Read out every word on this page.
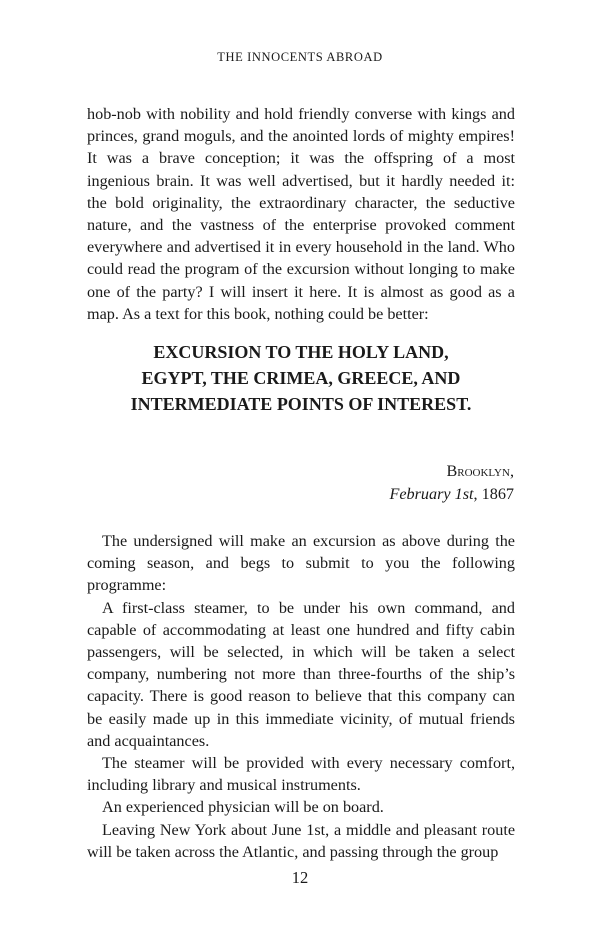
THE INNOCENTS ABROAD

hob-nob with nobility and hold friendly converse with kings and princes, grand moguls, and the anointed lords of mighty empires! It was a brave conception; it was the offspring of a most ingenious brain. It was well advertised, but it hardly needed it: the bold originality, the extraordinary character, the seductive nature, and the vastness of the enterprise provoked comment everywhere and advertised it in every household in the land. Who could read the program of the excursion without longing to make one of the party? I will insert it here. It is almost as good as a map. As a text for this book, nothing could be better:

EXCURSION TO THE HOLY LAND,
EGYPT, THE CRIMEA, GREECE, AND
INTERMEDIATE POINTS OF INTEREST.
Brooklyn,
February 1st, 1867

The undersigned will make an excursion as above during the coming season, and begs to submit to you the following programme:

A first-class steamer, to be under his own command, and capable of accommodating at least one hundred and fifty cabin passengers, will be selected, in which will be taken a select company, numbering not more than three-fourths of the ship’s capacity. There is good reason to believe that this company can be easily made up in this immediate vicinity, of mutual friends and acquaintances.

The steamer will be provided with every necessary comfort, including library and musical instruments.

An experienced physician will be on board.

Leaving New York about June 1st, a middle and pleasant route will be taken across the Atlantic, and passing through the group

12
